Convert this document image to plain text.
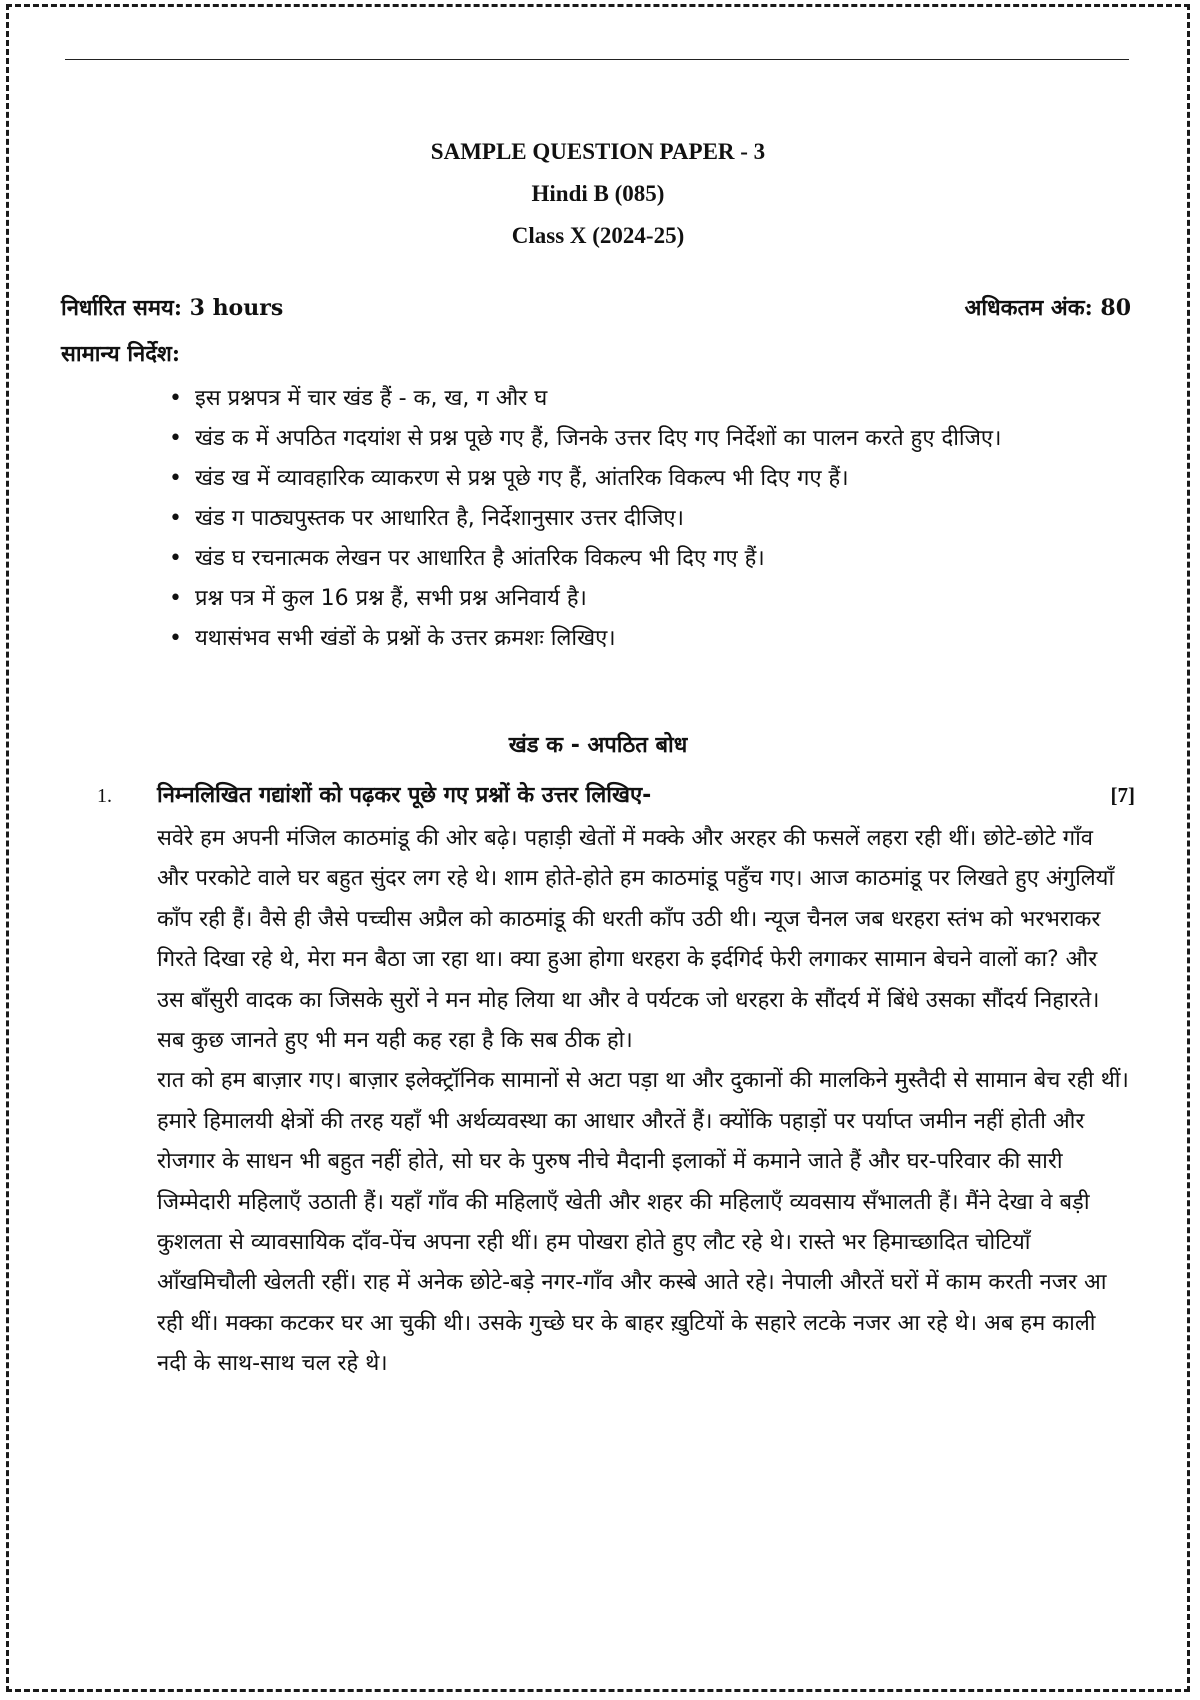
SAMPLE QUESTION PAPER - 3
Hindi B (085)
Class X (2024-25)
निर्धारित समय: 3 hours	अधिकतम अंक: 80
सामान्य निर्देश:
• इस प्रश्नपत्र में चार खंड हैं - क, ख, ग और घ
• खंड क में अपठित गदयांश से प्रश्न पूछे गए हैं, जिनके उत्तर दिए गए निर्देशों का पालन करते हुए दीजिए।
• खंड ख में व्यावहारिक व्याकरण से प्रश्न पूछे गए हैं, आंतरिक विकल्प भी दिए गए हैं।
• खंड ग पाठ्यपुस्तक पर आधारित है, निर्देशानुसार उत्तर दीजिए।
• खंड घ रचनात्मक लेखन पर आधारित है आंतरिक विकल्प भी दिए गए हैं।
• प्रश्न पत्र में कुल 16 प्रश्न हैं, सभी प्रश्न अनिवार्य है।
• यथासंभव सभी खंडों के प्रश्नों के उत्तर क्रमशः लिखिए।
खंड क - अपठित बोध
1.	निम्नलिखित गद्यांशों को पढ़कर पूछे गए प्रश्नों के उत्तर लिखिए-	[7]

सवेरे हम अपनी मंजिल काठमांडू की ओर बढ़े। पहाड़ी खेतों में मक्के और अरहर की फसलें लहरा रही थीं। छोटे-छोटे गाँव और परकोटे वाले घर बहुत सुंदर लग रहे थे। शाम होते-होते हम काठमांडू पहुँच गए। आज काठमांडू पर लिखते हुए अंगुलियाँ काँप रही हैं। वैसे ही जैसे पच्चीस अप्रैल को काठमांडू की धरती काँप उठी थी। न्यूज चैनल जब धरहरा स्तंभ को भरभराकर गिरते दिखा रहे थे, मेरा मन बैठा जा रहा था। क्या हुआ होगा धरहरा के इर्दगिर्द फेरी लगाकर सामान बेचने वालों का? और उस बाँसुरी वादक का जिसके सुरों ने मन मोह लिया था और वे पर्यटक जो धरहरा के सौंदर्य में बिंधे उसका सौंदर्य निहारते। सब कुछ जानते हुए भी मन यही कह रहा है कि सब ठीक हो।

रात को हम बाज़ार गए। बाज़ार इलेक्ट्रॉनिक सामानों से अटा पड़ा था और दुकानों की मालकिने मुस्तैदी से सामान बेच रही थीं। हमारे हिमालयी क्षेत्रों की तरह यहाँ भी अर्थव्यवस्था का आधार औरतें हैं। क्योंकि पहाड़ों पर पर्याप्त जमीन नहीं होती और रोजगार के साधन भी बहुत नहीं होते, सो घर के पुरुष नीचे मैदानी इलाकों में कमाने जाते हैं और घर-परिवार की सारी जिम्मेदारी महिलाएँ उठाती हैं। यहाँ गाँव की महिलाएँ खेती और शहर की महिलाएँ व्यवसाय सँभालती हैं। मैंने देखा वे बड़ी कुशलता से व्यावसायिक दाँव-पेंच अपना रही थीं। हम पोखरा होते हुए लौट रहे थे। रास्ते भर हिमाच्छादित चोटियाँ आँखमिचौली खेलती रहीं। राह में अनेक छोटे-बड़े नगर-गाँव और कस्बे आते रहे। नेपाली औरतें घरों में काम करती नजर आ रही थीं। मक्का कटकर घर आ चुकी थी। उसके गुच्छे घर के बाहर ख़ुटियों के सहारे लटके नजर आ रहे थे। अब हम काली नदी के साथ-साथ चल रहे थे।
